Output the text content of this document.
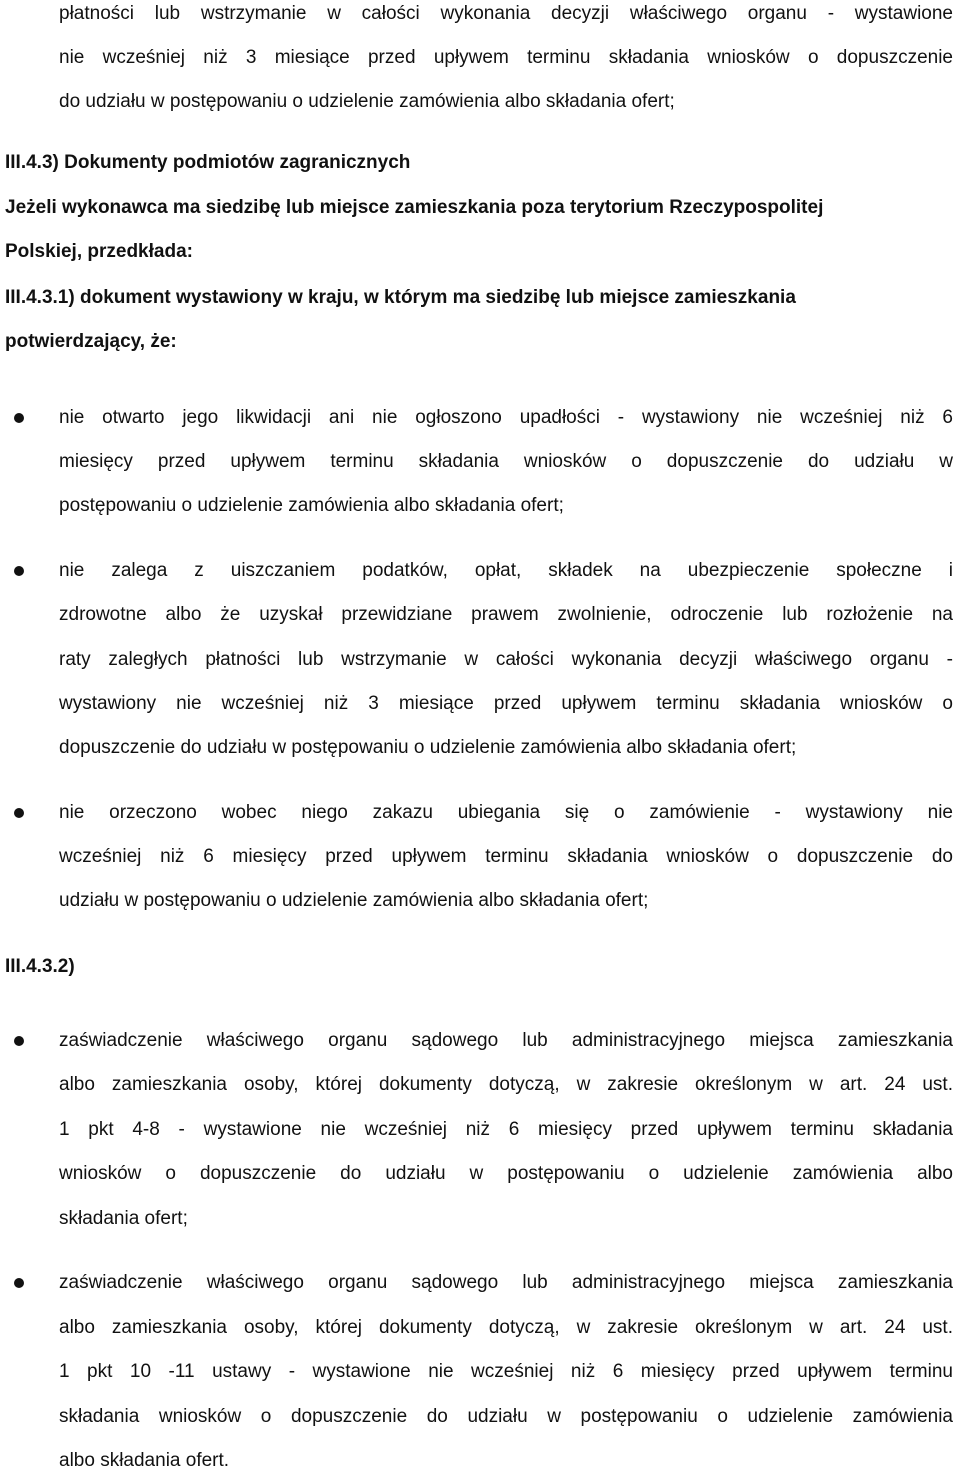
płatności lub wstrzymanie w całości wykonania decyzji właściwego organu - wystawione
nie wcześniej niż 3 miesiące przed upływem terminu składania wniosków o dopuszczenie
do udziału w postępowaniu o udzielenie zamówienia albo składania ofert;
III.4.3) Dokumenty podmiotów zagranicznych
Jeżeli wykonawca ma siedzibę lub miejsce zamieszkania poza terytorium Rzeczypospolitej
Polskiej, przedkłada:
III.4.3.1) dokument wystawiony w kraju, w którym ma siedzibę lub miejsce zamieszkania
potwierdzający, że:
nie otwarto jego likwidacji ani nie ogłoszono upadłości - wystawiony nie wcześniej niż 6
miesięcy przed upływem terminu składania wniosków o dopuszczenie do udziału w
postępowaniu o udzielenie zamówienia albo składania ofert;
nie zalega z uiszczaniem podatków, opłat, składek na ubezpieczenie społeczne i
zdrowotne albo że uzyskał przewidziane prawem zwolnienie, odroczenie lub rozłożenie na
raty zaległych płatności lub wstrzymanie w całości wykonania decyzji właściwego organu -
wystawiony nie wcześniej niż 3 miesiące przed upływem terminu składania wniosków o
dopuszczenie do udziału w postępowaniu o udzielenie zamówienia albo składania ofert;
nie orzeczono wobec niego zakazu ubiegania się o zamówienie - wystawiony nie
wcześniej niż 6 miesięcy przed upływem terminu składania wniosków o dopuszczenie do
udziału w postępowaniu o udzielenie zamówienia albo składania ofert;
III.4.3.2)
zaświadczenie właściwego organu sądowego lub administracyjnego miejsca zamieszkania
albo zamieszkania osoby, której dokumenty dotyczą, w zakresie określonym w art. 24 ust.
1 pkt 4-8 - wystawione nie wcześniej niż 6 miesięcy przed upływem terminu składania
wniosków o dopuszczenie do udziału w postępowaniu o udzielenie zamówienia albo
składania ofert;
zaświadczenie właściwego organu sądowego lub administracyjnego miejsca zamieszkania
albo zamieszkania osoby, której dokumenty dotyczą, w zakresie określonym w art. 24 ust.
1 pkt 10 -11 ustawy - wystawione nie wcześniej niż 6 miesięcy przed upływem terminu
składania wniosków o dopuszczenie do udziału w postępowaniu o udzielenie zamówienia
albo składania ofert.
